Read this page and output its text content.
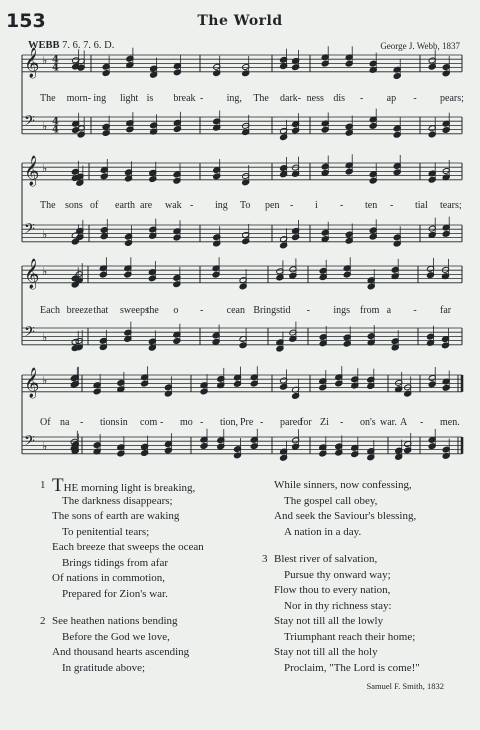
153	The World
WEBB 7. 6. 7. 6. D.	George J. Webb, 1837
𝄞 ♭ 4
4
𝄢 ♭ 4
4
𝄞 ♭
𝄢 ♭
𝄞 ♭
𝄢 ♭
𝄞 ♭
𝄢 ♭
The morn- ing light is break - ing, The dark- ness dis - ap - pears;
The sons of earth are wak - ing To pen - i - ten - tial tears;
Each breeze that sweeps
the o - cean Brings tid - ings from a - far
Of na - tions in com - mo - tion, Pre - pared
for Zi - on's war. A - men.
1 THE morning light is breaking,
The darkness disappears;
The sons of earth are waking
To penitential tears;
Each breeze that sweeps the ocean
Brings tidings from afar
Of nations in commotion,
Prepared for Zion's war.
2 See heathen nations bending
Before the God we love,
And thousand hearts ascending
In gratitude above;
While sinners, now confessing,
The gospel call obey,
And seek the Saviour's blessing,
A nation in a day.
3 Blest river of salvation,
Pursue thy onward way;
Flow thou to every nation,
Nor in thy richness stay:
Stay not till all the lowly
Triumphant reach their home;
Stay not till all the holy
Proclaim, "The Lord is come!"
Samuel F. Smith, 1832
